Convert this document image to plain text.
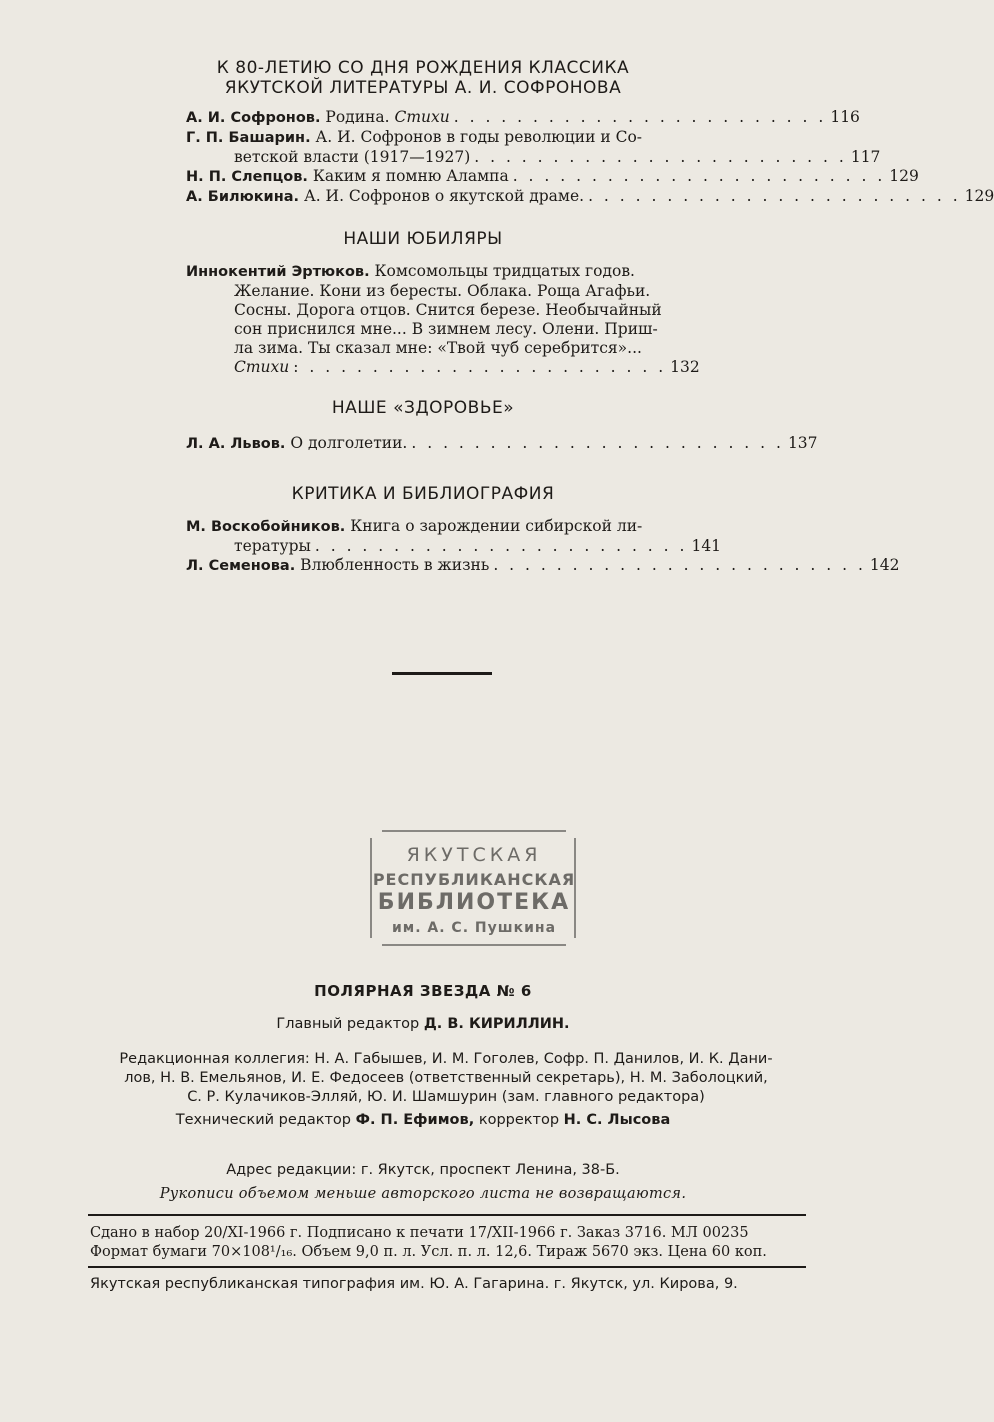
К 80-ЛЕТИЮ СО ДНЯ РОЖДЕНИЯ КЛАССИКА
ЯКУТСКОЙ ЛИТЕРАТУРЫ А. И. СОФРОНОВА
А. И. Софронов. Родина. Стихи . . . . . . . . . . . . . . . . . . . . . . . . 116
Г. П. Башарин. А. И. Софронов в годы революции и Со-
ветской власти (1917—1927) . . . . . . . . . . . . . . . . . . . . . . . . 117
Н. П. Слепцов. Каким я помню Алампа . . . . . . . . . . . . . . . . . . . . . . . . 129
А. Билюкина. А. И. Софронов о якутской драме. . . . . . . . . . . . . . . . . . . . . . . . . 129
НАШИ ЮБИЛЯРЫ
Иннокентий Эртюков. Комсомольцы тридцатых годов.
Желание. Кони из бересты. Облака. Роща Агафьи.
Сосны. Дорога отцов. Снится березе. Необычайный
сон приснился мне... В зимнем лесу. Олени. Приш-
ла зима. Ты сказал мне: «Твой чуб серебрится»...
Стихи : . . . . . . . . . . . . . . . . . . . . . . . 132
НАШЕ «ЗДОРОВЬЕ»
Л. А. Львов. О долголетии. . . . . . . . . . . . . . . . . . . . . . . . . 137
КРИТИКА И БИБЛИОГРАФИЯ
М. Воскобойников. Книга о зарождении сибирской ли-
тературы . . . . . . . . . . . . . . . . . . . . . . . . 141
Л. Семенова. Влюбленность в жизнь . . . . . . . . . . . . . . . . . . . . . . . . 142
ЯКУТСКАЯ
РЕСПУБЛИКАНСКАЯ
БИБЛИОТЕКА
им. А. С. Пушкина
ПОЛЯРНАЯ ЗВЕЗДА № 6
Главный редактор Д. В. КИРИЛЛИН.
Редакционная коллегия: Н. А. Габышев, И. М. Гоголев, Софр. П. Данилов, И. К. Дани-
лов, Н. В. Емельянов, И. Е. Федосеев (ответственный секретарь), Н. М. Заболоцкий,
С. Р. Кулачиков-Элляй, Ю. И. Шамшурин (зам. главного редактора)
Технический редактор Ф. П. Ефимов, корректор Н. С. Лысова
Адрес редакции: г. Якутск, проспект Ленина, 38-Б.
Рукописи объемом меньше авторского листа не возвращаются.
Сдано в набор 20/XI-1966 г. Подписано к печати 17/XII-1966 г. Заказ 3716. МЛ 00235
Формат бумаги 70×108¹/₁₆. Объем 9,0 п. л. Усл. п. л. 12,6. Тираж 5670 экз. Цена 60 коп.
Якутская республиканская типография им. Ю. А. Гагарина. г. Якутск, ул. Кирова, 9.
